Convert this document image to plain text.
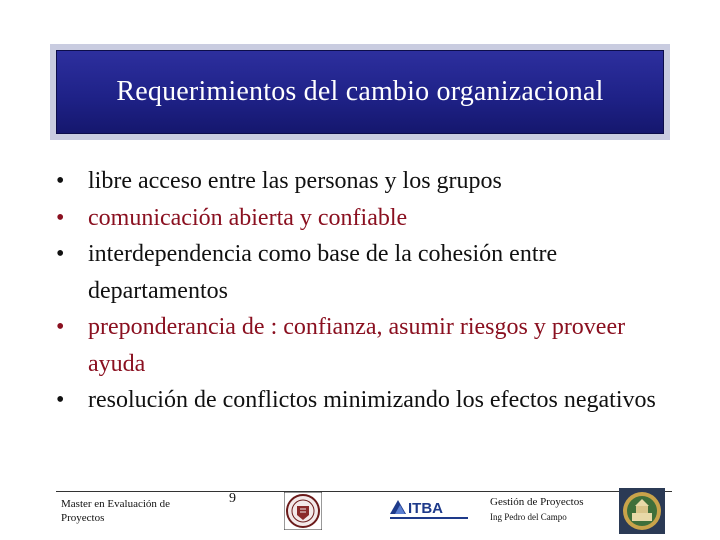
Requerimientos del cambio organizacional
• libre acceso entre las personas y los grupos
• comunicación abierta y confiable
• interdependencia como base de la cohesión entre departamentos
• preponderancia de : confianza, asumir riesgos y proveer ayuda
• resolución de conflictos minimizando los efectos negativos
Master en Evaluación de Proyectos
9
ITBA	Gestión de Proyectos
Ing Pedro del Campo
